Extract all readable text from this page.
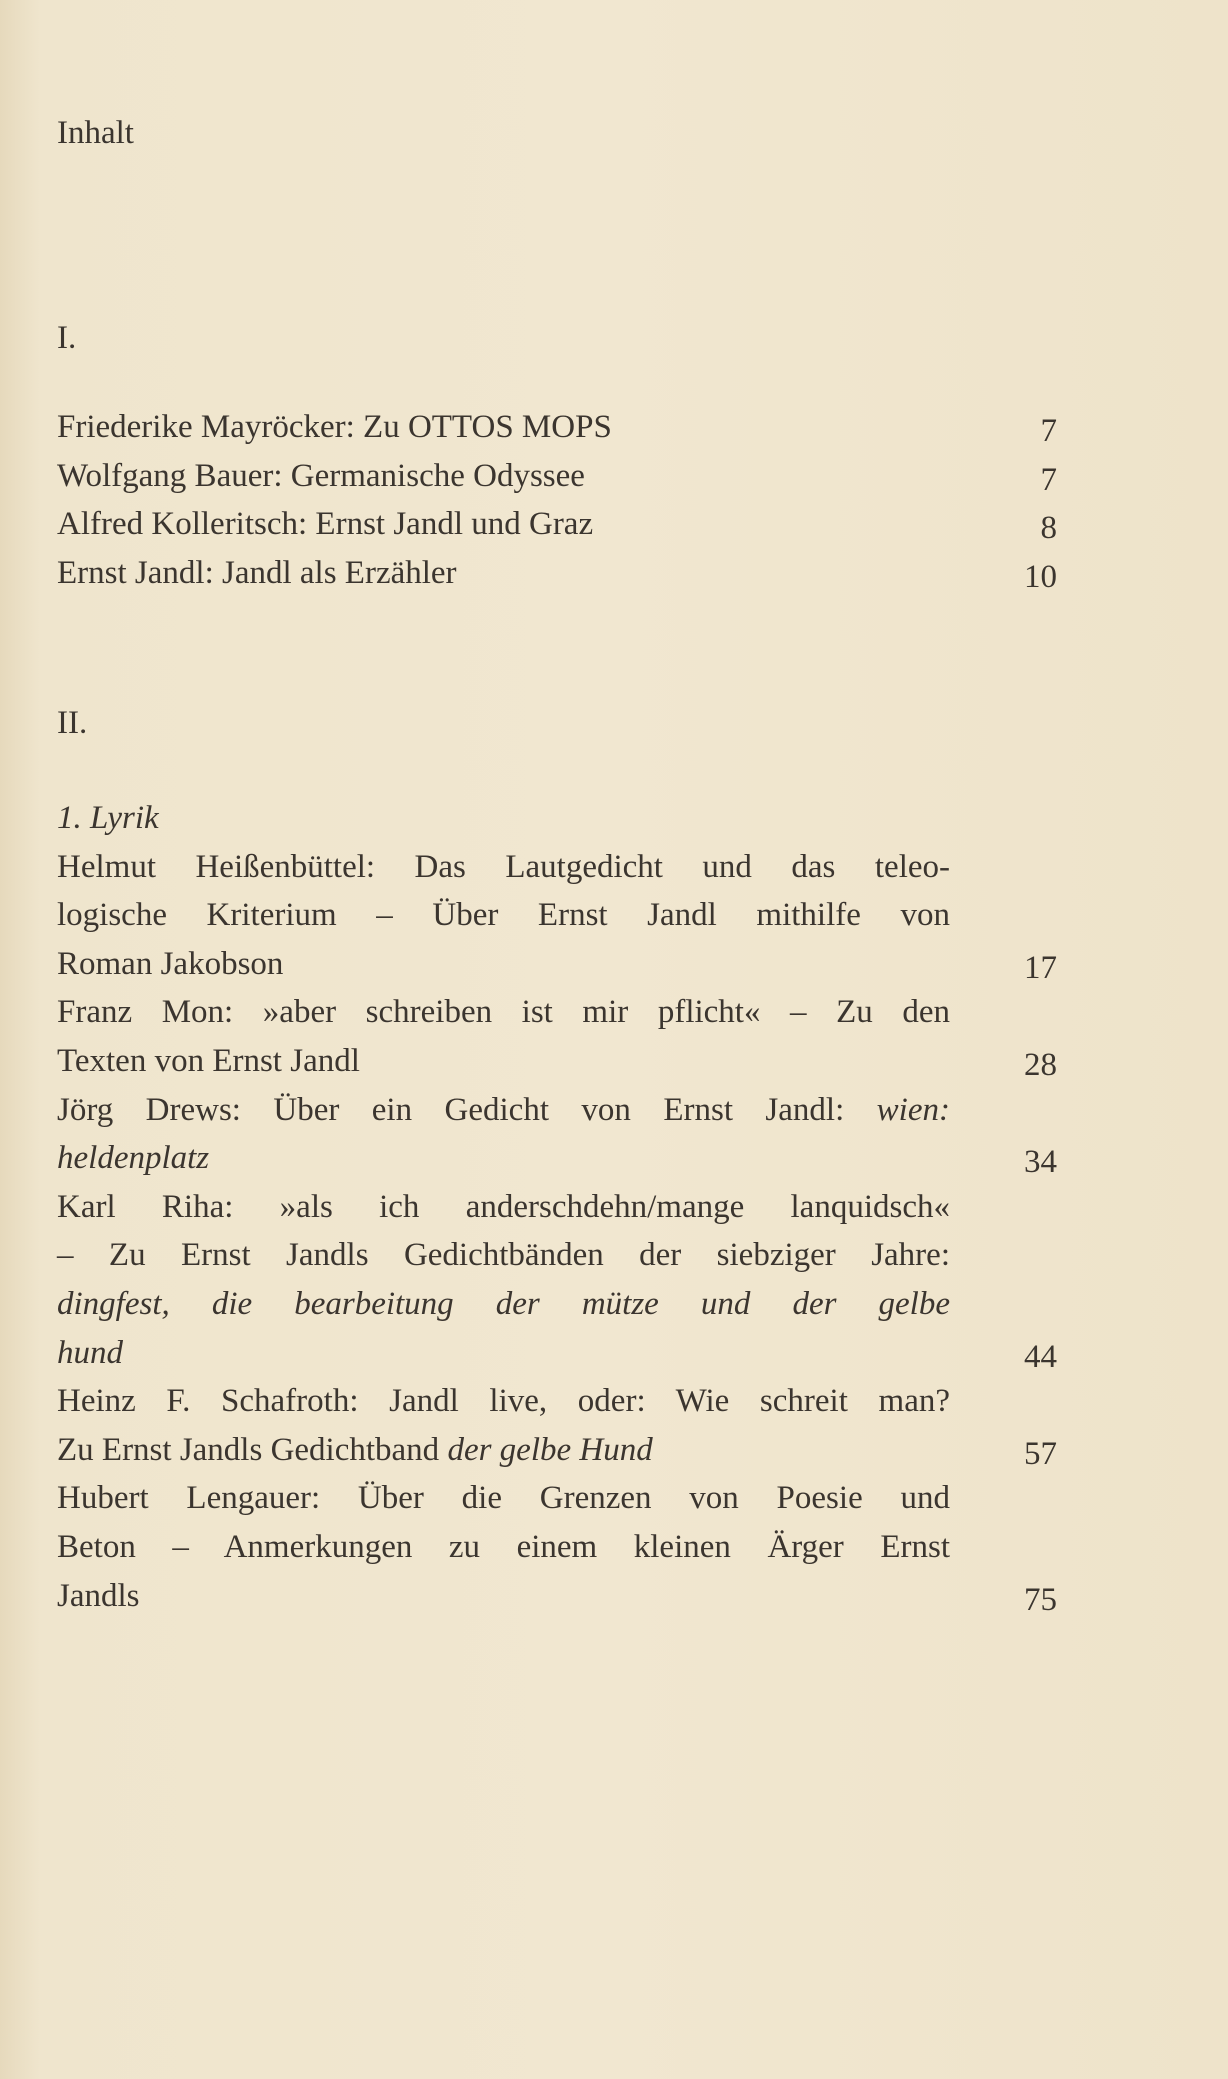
Inhalt
I.
Friederike Mayröcker: Zu OTTOS MOPS	7
Wolfgang Bauer: Germanische Odyssee	7
Alfred Kolleritsch: Ernst Jandl und Graz	8
Ernst Jandl: Jandl als Erzähler	10
II.
1. Lyrik
Helmut Heißenbüttel: Das Lautgedicht und das teleo-
logische Kriterium – Über Ernst Jandl mithilfe von
Roman Jakobson	17
Franz Mon: »aber schreiben ist mir pflicht« – Zu den
Texten von Ernst Jandl	28
Jörg Drews: Über ein Gedicht von Ernst Jandl: wien:
heldenplatz	34
Karl Riha: »als ich anderschdehn/mange lanquidsch«
– Zu Ernst Jandls Gedichtbänden der siebziger Jahre:
dingfest, die bearbeitung der mütze und der gelbe
hund	44
Heinz F. Schafroth: Jandl live, oder: Wie schreit man?
Zu Ernst Jandls Gedichtband der gelbe Hund	57
Hubert Lengauer: Über die Grenzen von Poesie und
Beton – Anmerkungen zu einem kleinen Ärger Ernst
Jandls	75
